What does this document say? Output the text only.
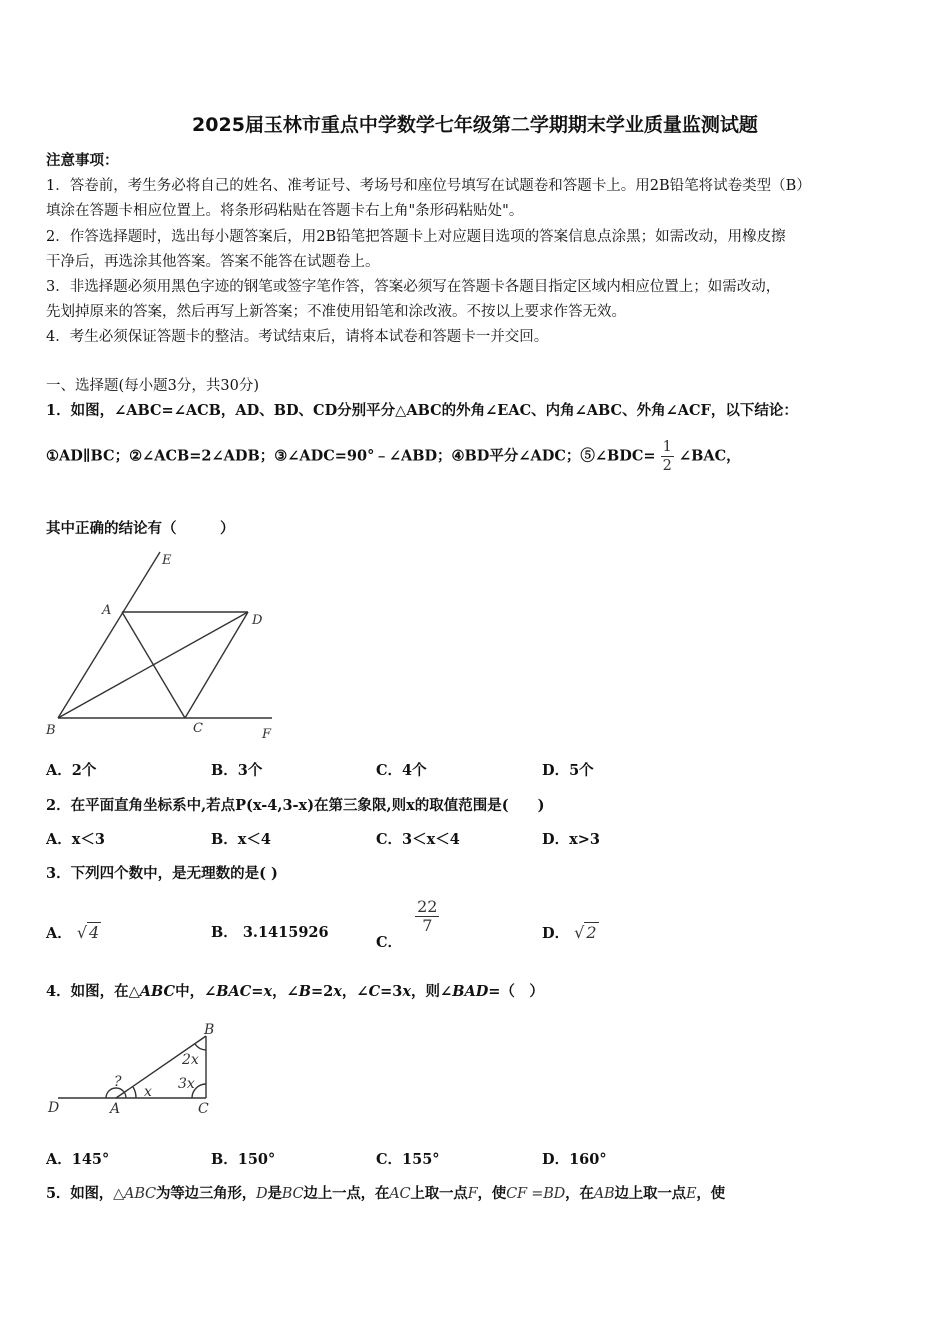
2025届玉林市重点中学数学七年级第二学期期末学业质量监测试题
注意事项：
1．答卷前，考生务必将自己的姓名、准考证号、考场号和座位号填写在试题卷和答题卡上。用2B铅笔将试卷类型（B）
填涂在答题卡相应位置上。将条形码粘贴在答题卡右上角"条形码粘贴处"。
2．作答选择题时，选出每小题答案后，用2B铅笔把答题卡上对应题目选项的答案信息点涂黑；如需改动，用橡皮擦
干净后，再选涂其他答案。答案不能答在试题卷上。
3．非选择题必须用黑色字迹的钢笔或签字笔作答，答案必须写在答题卡各题目指定区域内相应位置上；如需改动，
先划掉原来的答案，然后再写上新答案；不准使用铅笔和涂改液。不按以上要求作答无效。
4．考生必须保证答题卡的整洁。考试结束后，请将本试卷和答题卡一并交回。
一、选择题(每小题3分，共30分)
1．如图，∠ABC=∠ACB，AD、BD、CD分别平分△ABC的外角∠EAC、内角∠ABC、外角∠ACF，以下结论：
①AD∥BC；②∠ACB=2∠ADB；③∠ADC=90°﹣∠ABD；④BD平分∠ADC；⑤∠BDC= $\frac{1}{2}$ ∠BAC，
其中正确的结论有（　　　）
E
A
D
B	C	F
A．2个	B．3个	C．4个	D．5个
2．在平面直角坐标系中,若点P(x-4,3-x)在第三象限,则x的取值范围是(　　)
A．x＜3	B．x＜4	C．3＜x＜4	D．x>3
3．下列四个数中，是无理数的是( )
A． √ 4	B． 3.1415926
C．
$\frac{22}{7}$	D． √ 2
4．如图，在△ABC中，∠BAC=x，∠B=2x，∠C=3x，则∠BAD=（　）
B
D	A	C
?
x
2x
3x
A．145°	B．150°	C．155°	D．160°
5．如图，△ABC为等边三角形，D是BC边上一点，在AC上取一点F，使CF =BD，在AB边上取一点E，使
